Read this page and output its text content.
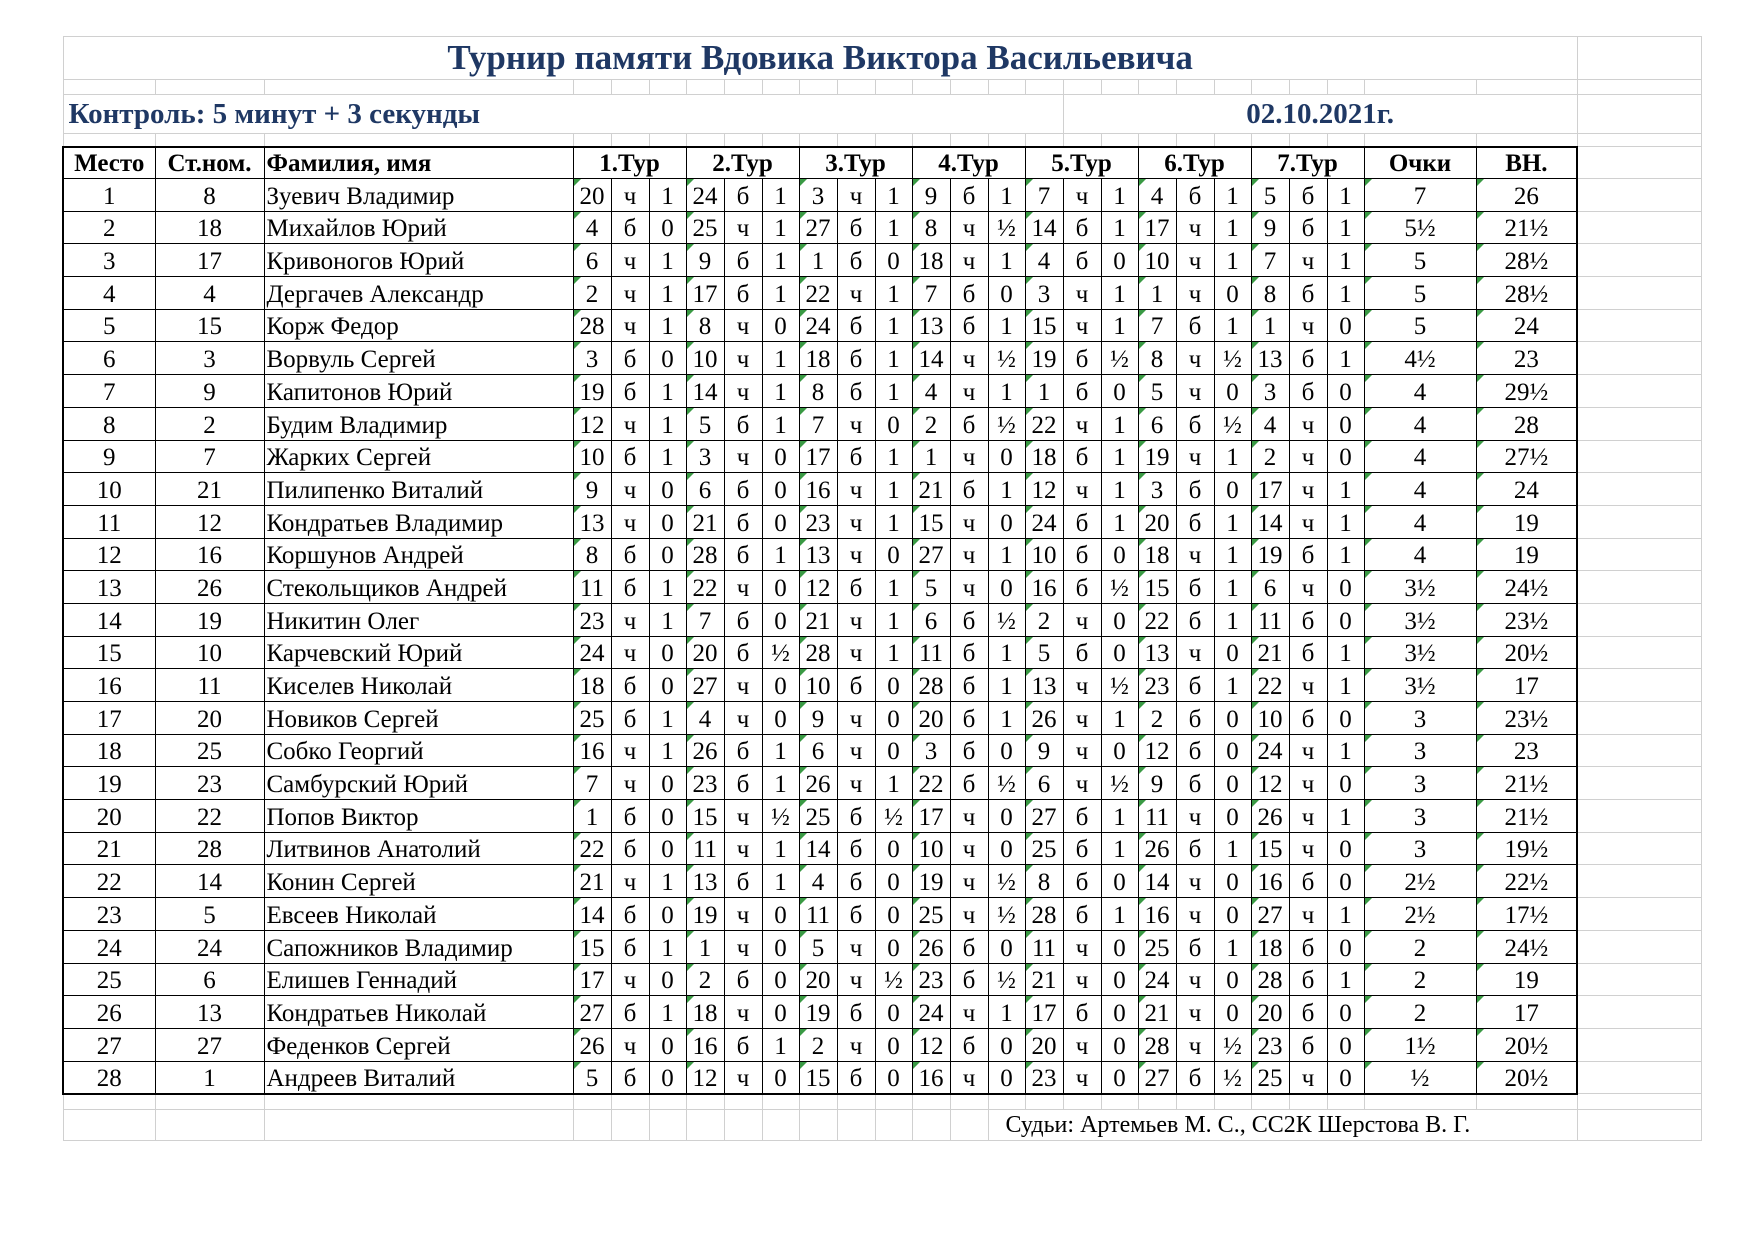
Турнир памяти Вдовика Виктора Васильевича																										

Контроль: 5 минут + 3 секунды																02.10.2021г.										

Место	Ст.ном.	Фамилия, имя	1.Тур			2.Тур			3.Тур			4.Тур			5.Тур			6.Тур			7.Тур			Очки	ВН.	
1	8	Зуевич Владимир	20	ч	1	24	б	1	3	ч	1	9	б	1	7	ч	1	4	б	1	5	б	1	7	26	
2	18	Михайлов Юрий	4	б	0	25	ч	1	27	б	1	8	ч	½	14	б	1	17	ч	1	9	б	1	5½	21½	
3	17	Кривоногов Юрий	6	ч	1	9	б	1	1	б	0	18	ч	1	4	б	0	10	ч	1	7	ч	1	5	28½	
4	4	Дергачев Александр	2	ч	1	17	б	1	22	ч	1	7	б	0	3	ч	1	1	ч	0	8	б	1	5	28½	
5	15	Корж Федор	28	ч	1	8	ч	0	24	б	1	13	б	1	15	ч	1	7	б	1	1	ч	0	5	24	
6	3	Ворвуль Сергей	3	б	0	10	ч	1	18	б	1	14	ч	½	19	б	½	8	ч	½	13	б	1	4½	23	
7	9	Капитонов Юрий	19	б	1	14	ч	1	8	б	1	4	ч	1	1	б	0	5	ч	0	3	б	0	4	29½	
8	2	Будим Владимир	12	ч	1	5	б	1	7	ч	0	2	б	½	22	ч	1	6	б	½	4	ч	0	4	28	
9	7	Жарких Сергей	10	б	1	3	ч	0	17	б	1	1	ч	0	18	б	1	19	ч	1	2	ч	0	4	27½	
10	21	Пилипенко Виталий	9	ч	0	6	б	0	16	ч	1	21	б	1	12	ч	1	3	б	0	17	ч	1	4	24	
11	12	Кондратьев Владимир	13	ч	0	21	б	0	23	ч	1	15	ч	0	24	б	1	20	б	1	14	ч	1	4	19	
12	16	Коршунов Андрей	8	б	0	28	б	1	13	ч	0	27	ч	1	10	б	0	18	ч	1	19	б	1	4	19	
13	26	Стекольщиков Андрей	11	б	1	22	ч	0	12	б	1	5	ч	0	16	б	½	15	б	1	6	ч	0	3½	24½	
14	19	Никитин Олег	23	ч	1	7	б	0	21	ч	1	6	б	½	2	ч	0	22	б	1	11	б	0	3½	23½	
15	10	Карчевский Юрий	24	ч	0	20	б	½	28	ч	1	11	б	1	5	б	0	13	ч	0	21	б	1	3½	20½	
16	11	Киселев Николай	18	б	0	27	ч	0	10	б	0	28	б	1	13	ч	½	23	б	1	22	ч	1	3½	17	
17	20	Новиков Сергей	25	б	1	4	ч	0	9	ч	0	20	б	1	26	ч	1	2	б	0	10	б	0	3	23½	
18	25	Собко Георгий	16	ч	1	26	б	1	6	ч	0	3	б	0	9	ч	0	12	б	0	24	ч	1	3	23	
19	23	Самбурский Юрий	7	ч	0	23	б	1	26	ч	1	22	б	½	6	ч	½	9	б	0	12	ч	0	3	21½	
20	22	Попов Виктор	1	б	0	15	ч	½	25	б	½	17	ч	0	27	б	1	11	ч	0	26	ч	1	3	21½	
21	28	Литвинов Анатолий	22	б	0	11	ч	1	14	б	0	10	ч	0	25	б	1	26	б	1	15	ч	0	3	19½	
22	14	Конин Сергей	21	ч	1	13	б	1	4	б	0	19	ч	½	8	б	0	14	ч	0	16	б	0	2½	22½	
23	5	Евсеев Николай	14	б	0	19	ч	0	11	б	0	25	ч	½	28	б	1	16	ч	0	27	ч	1	2½	17½	
24	24	Сапожников Владимир	15	б	1	1	ч	0	5	ч	0	26	б	0	11	ч	0	25	б	1	18	б	0	2	24½	
25	6	Елишев Геннадий	17	ч	0	2	б	0	20	ч	½	23	б	½	21	ч	0	24	ч	0	28	б	1	2	19	
26	13	Кондратьев Николай	27	б	1	18	ч	0	19	б	0	24	ч	1	17	б	0	21	ч	0	20	б	0	2	17	
27	27	Феденков Сергей	26	ч	0	16	б	1	2	ч	0	12	б	0	20	ч	0	28	ч	½	23	б	0	1½	20½	
28	1	Андреев Виталий	5	б	0	12	ч	0	15	б	0	16	ч	0	23	ч	0	27	б	½	25	ч	0	½	20½	

														Судьи: Артемьев М. С., СС2К Шерстова В. Г.												
